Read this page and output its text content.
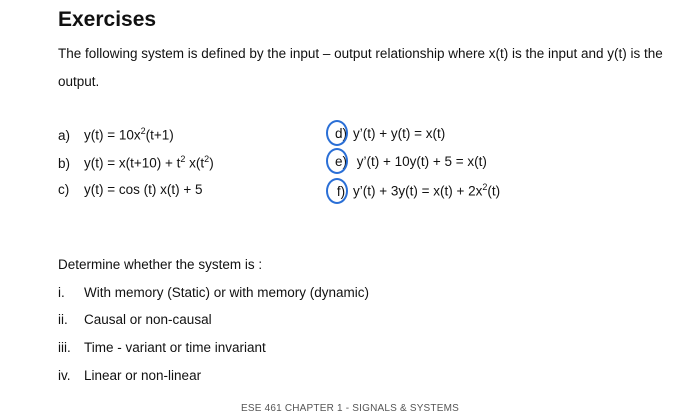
Exercises
The following system is defined by the input – output relationship where x(t) is the input and y(t) is the output.
a) $y(t) = 10x^2(t+1)$
b) $y(t) = x(t+10) + t^2$ $x(t^2)$
c) y(t) = cos (t) x(t) + 5
d) y’(t) + y(t) = x(t)
e) y’(t) + 10y(t) + 5 = x(t)
f) y’(t) + $3y(t) = x(t) + 2x^2(t)$
Determine whether the system is :
i. With memory (Static) or with memory (dynamic)
ii. Causal or non-causal
iii. Time - variant or time invariant
iv. Linear or non-linear
ESE 461 CHAPTER 1 - SIGNALS & SYSTEMS
